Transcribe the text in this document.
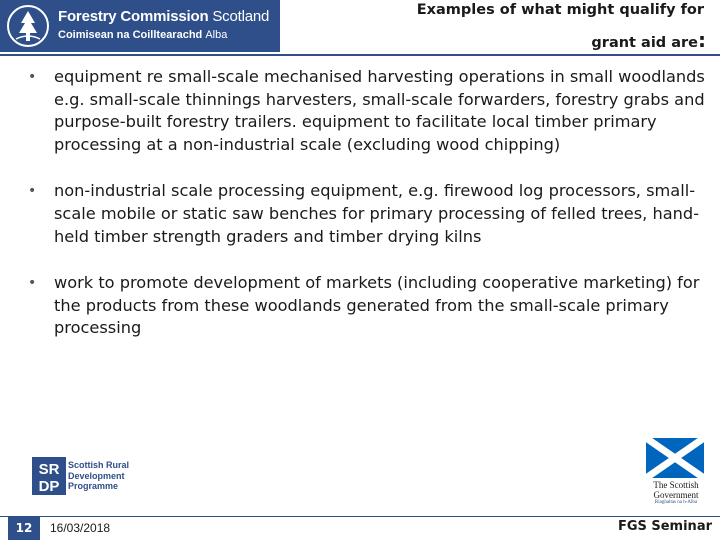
Forestry Commission Scotland
Coimisean na Coilltearachd Alba
Examples of what might qualify for
grant aid are:
• equipment re small-scale mechanised harvesting operations in small woodlands e.g. small-scale thinnings harvesters, small-scale forwarders, forestry grabs and purpose-built forestry trailers. equipment to facilitate local timber primary processing at a non-industrial scale (excluding wood chipping)

• non-industrial scale processing equipment, e.g. firewood log processors, small-scale mobile or static saw benches for primary processing of felled trees, hand-held timber strength graders and timber drying kilns

• work to promote development of markets (including cooperative marketing) for the products from these woodlands generated from the small-scale primary processing

SR
DP
Scottish Rural
Development
Programme	The Scottish
Government
Riaghaltas na h-Alba
12	16/03/2018	FGS Seminar
